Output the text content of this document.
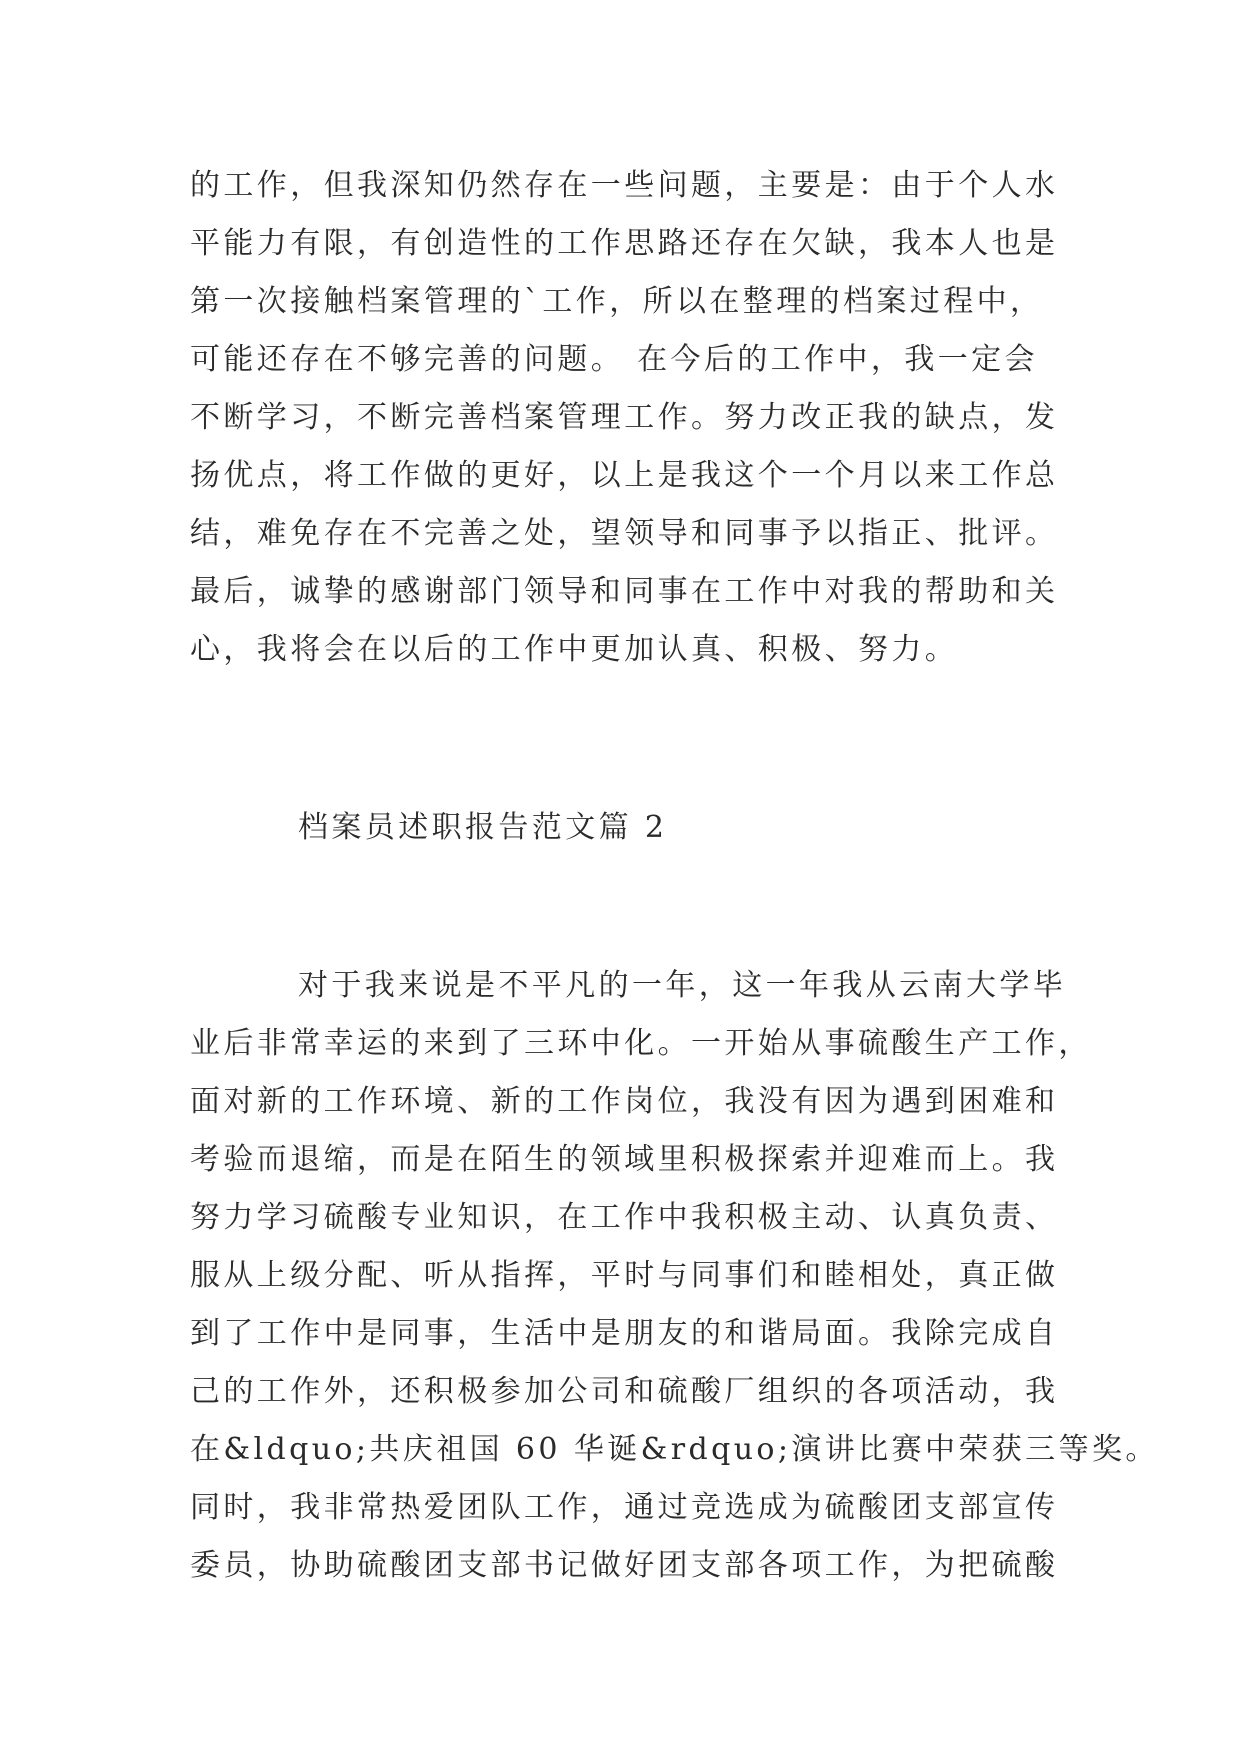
的工作，但我深知仍然存在一些问题，主要是：由于个人水
平能力有限，有创造性的工作思路还存在欠缺，我本人也是
第一次接触档案管理的`工作，所以在整理的档案过程中，
可能还存在不够完善的问题。 在今后的工作中，我一定会
不断学习，不断完善档案管理工作。努力改正我的缺点，发
扬优点，将工作做的更好，以上是我这个一个月以来工作总
结，难免存在不完善之处，望领导和同事予以指正、批评。
最后，诚挚的感谢部门领导和同事在工作中对我的帮助和关
心，我将会在以后的工作中更加认真、积极、努力。
档案员述职报告范文篇 2
对于我来说是不平凡的一年，这一年我从云南大学毕
业后非常幸运的来到了三环中化。一开始从事硫酸生产工作，
面对新的工作环境、新的工作岗位，我没有因为遇到困难和
考验而退缩，而是在陌生的领域里积极探索并迎难而上。我
努力学习硫酸专业知识，在工作中我积极主动、认真负责、
服从上级分配、听从指挥，平时与同事们和睦相处，真正做
到了工作中是同事，生活中是朋友的和谐局面。我除完成自
己的工作外，还积极参加公司和硫酸厂组织的各项活动，我
在&ldquo;共庆祖国 60 华诞&rdquo;演讲比赛中荣获三等奖。
同时，我非常热爱团队工作，通过竞选成为硫酸团支部宣传
委员，协助硫酸团支部书记做好团支部各项工作，为把硫酸
